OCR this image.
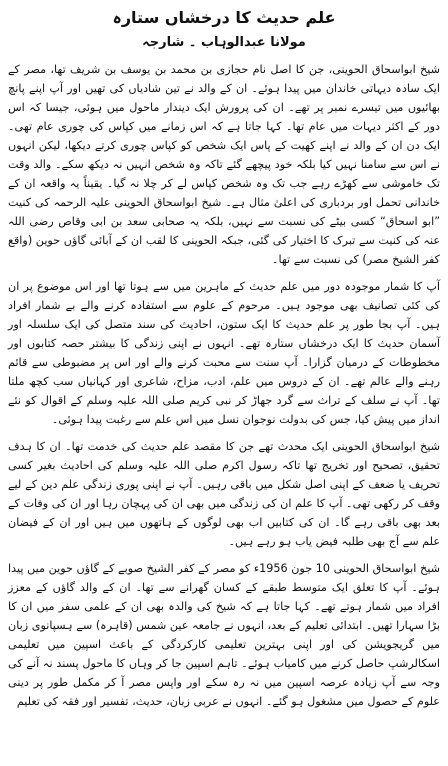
علم حدیث کا درخشاں ستارہ
مولانا عبدالوہاب ۔ شارجہ

شیخ ابواسحاق الحوینی، جن کا اصل نام حجازی بن محمد بن یوسف بن شریف تھا، مصر کے ایک سادہ دیہاتی خاندان میں پیدا ہوئے۔ ان کے والد نے تین شادیاں کی تھیں اور آپ اپنے پانچ بھائیوں میں تیسرے نمبر پر تھے۔ ان کی پرورش ایک دیندار ماحول میں ہوئی، جیسا کہ اس دور کے اکثر دیہات میں عام تھا۔ کہا جاتا ہے کہ اس زمانے میں کپاس کی چوری عام تھی۔ ایک دن ان کے والد نے اپنے کھیت کے پاس ایک شخص کو کپاس چوری کرتے دیکھا، لیکن انہوں نے اس سے سامنا نہیں کیا بلکہ خود پیچھے گئے تاکہ وہ شخص انہیں نہ دیکھ سکے۔ والد وقت تک خاموشی سے کھڑے رہے جب تک وہ شخص کپاس لے کر چلا نہ گیا۔ یقیناً یہ واقعہ ان کے خاندانی تحمل اور بردباری کی اعلیٰ مثال ہے۔ شیخ ابواسحاق الحوینی علیہ الرحمہ کی کنیت ”ابو اسحاق“ کسی بیٹے کی نسبت سے نہیں، بلکہ یہ صحابی سعد بن ابی وقاص رضی اللہ عنہ کی کنیت سے تبرک کا اختیار کی گئی، جبکہ الحوینی کا لقب ان کے آبائی گاؤں حوین (واقع کفر الشیخ مصر) کی نسبت سے تھا۔

آپ کا شمار موجودہ دور میں علم حدیث کے ماہرین میں سے ہوتا تھا اور اس موضوع پر ان کی کئی تصانیف بھی موجود ہیں۔ مرحوم کے علوم سے استفادہ کرنے والے بے شمار افراد ہیں۔ آپ بجا طور پر علم حدیث کا ایک ستون، احادیث کی سند متصل کی ایک سلسلہ اور آسمان حدیث کا ایک درخشاں ستارہ تھے۔ انہوں نے اپنی زندگی کا بیشتر حصہ کتابوں اور مخطوطات کے درمیان گزارا۔ آپ سنت سے محبت کرنے والے اور اس پر مضبوطی سے قائم رہنے والے عالم تھے۔ ان کے دروس میں علم، ادب، مزاح، شاعری اور کہانیاں سب کچھ ملتا تھا۔ آپ نے سلف کے تراث سے گرد جھاڑ کر نبی کریم صلی اللہ علیہ وسلم کے اقوال کو نئے انداز میں پیش کیا، جس کی بدولت نوجوان نسل میں اس علم سے رغبت پیدا ہوئی۔

شیخ ابواسحاق الحوینی ایک محدث تھے جن کا مقصد علم حدیث کی خدمت تھا۔ ان کا ہدف تحقیق، تصحیح اور تخریج تھا تاکہ رسول اکرم صلی اللہ علیہ وسلم کی احادیث بغیر کسی تحریف یا ضعف کے اپنی اصل شکل میں باقی رہیں۔ آپ نے اپنی پوری زندگی علم دین کے لیے وقف کر رکھی تھی۔ آپ کا علم ان کی زندگی میں بھی ان کی پہچان رہا اور ان کی وفات کے بعد بھی باقی رہے گا۔ ان کی کتابیں اب بھی لوگوں کے ہاتھوں میں ہیں اور ان کے فیضان علم سے آج بھی طلبہ فیض یاب ہو رہے ہیں۔

شیخ ابواسحاق الحوینی 10 جون 1956ء کو مصر کے کفر الشیخ صوبے کے گاؤں حوین میں پیدا ہوئے۔ آپ کا تعلق ایک متوسط طبقے کے کسان گھرانے سے تھا۔ ان کے والد گاؤں کے معزز افراد میں شمار ہوتے تھے۔ کہا جاتا ہے کہ شیخ کی والدہ بھی ان کے علمی سفر میں ان کا بڑا سہارا تھیں۔ ابتدائی تعلیم کے بعد، انہوں نے جامعہ عین شمس (قاہرہ) سے ہسپانوی زبان میں گریجویشن کی اور اپنی بہترین تعلیمی کارکردگی کے باعث اسپین میں تعلیمی اسکالرشپ حاصل کرنے میں کامیاب ہوئے۔ تاہم اسپین جا کر وہاں کا ماحول پسند نہ آنے کی وجہ سے آپ زیادہ عرصہ اسپین میں نہ رہ سکے اور واپس مصر آ کر مکمل طور پر دینی علوم کے حصول میں مشغول ہو گئے۔ انہوں نے عربی زبان، حدیث، تفسیر اور فقہ کی تعلیم
